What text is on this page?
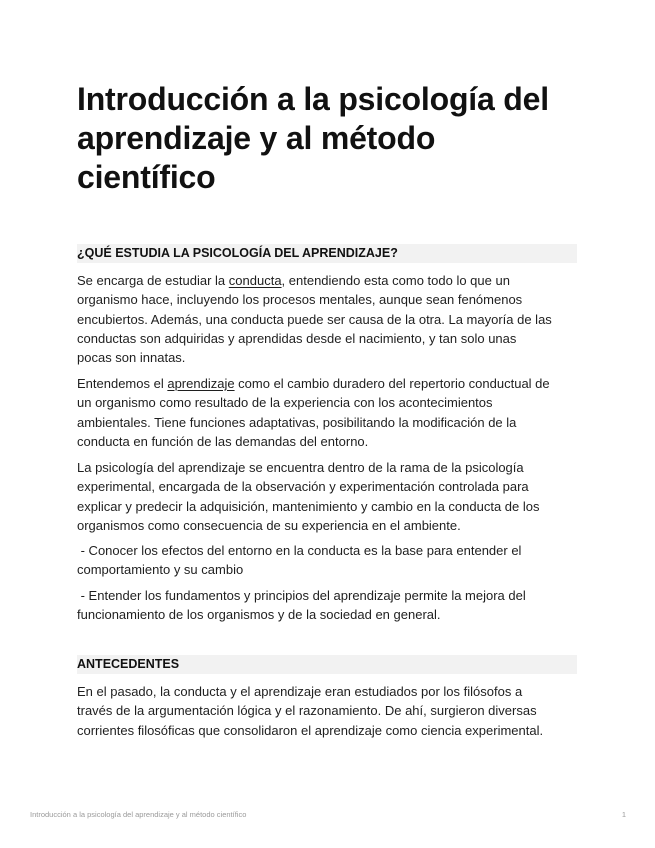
Introducción a la psicología del
aprendizaje y al método
científico
¿QUÉ ESTUDIA LA PSICOLOGÍA DEL APRENDIZAJE?

Se encarga de estudiar la conducta, entendiendo esta como todo lo que un
organismo hace, incluyendo los procesos mentales, aunque sean fenómenos
encubiertos. Además, una conducta puede ser causa de la otra. La mayoría de las
conductas son adquiridas y aprendidas desde el nacimiento, y tan solo unas
pocas son innatas.

Entendemos el aprendizaje como el cambio duradero del repertorio conductual de
un organismo como resultado de la experiencia con los acontecimientos
ambientales. Tiene funciones adaptativas, posibilitando la modificación de la
conducta en función de las demandas del entorno.

La psicología del aprendizaje se encuentra dentro de la rama de la psicología
experimental, encargada de la observación y experimentación controlada para
explicar y predecir la adquisición, mantenimiento y cambio en la conducta de los
organismos como consecuencia de su experiencia en el ambiente.

- Conocer los efectos del entorno en la conducta es la base para entender el
comportamiento y su cambio

- Entender los fundamentos y principios del aprendizaje permite la mejora del
funcionamiento de los organismos y de la sociedad en general.

ANTECEDENTES

En el pasado, la conducta y el aprendizaje eran estudiados por los filósofos a
través de la argumentación lógica y el razonamiento. De ahí, surgieron diversas
corrientes filosóficas que consolidaron el aprendizaje como ciencia experimental.

Introducción a la psicología del aprendizaje y al método científico	1
